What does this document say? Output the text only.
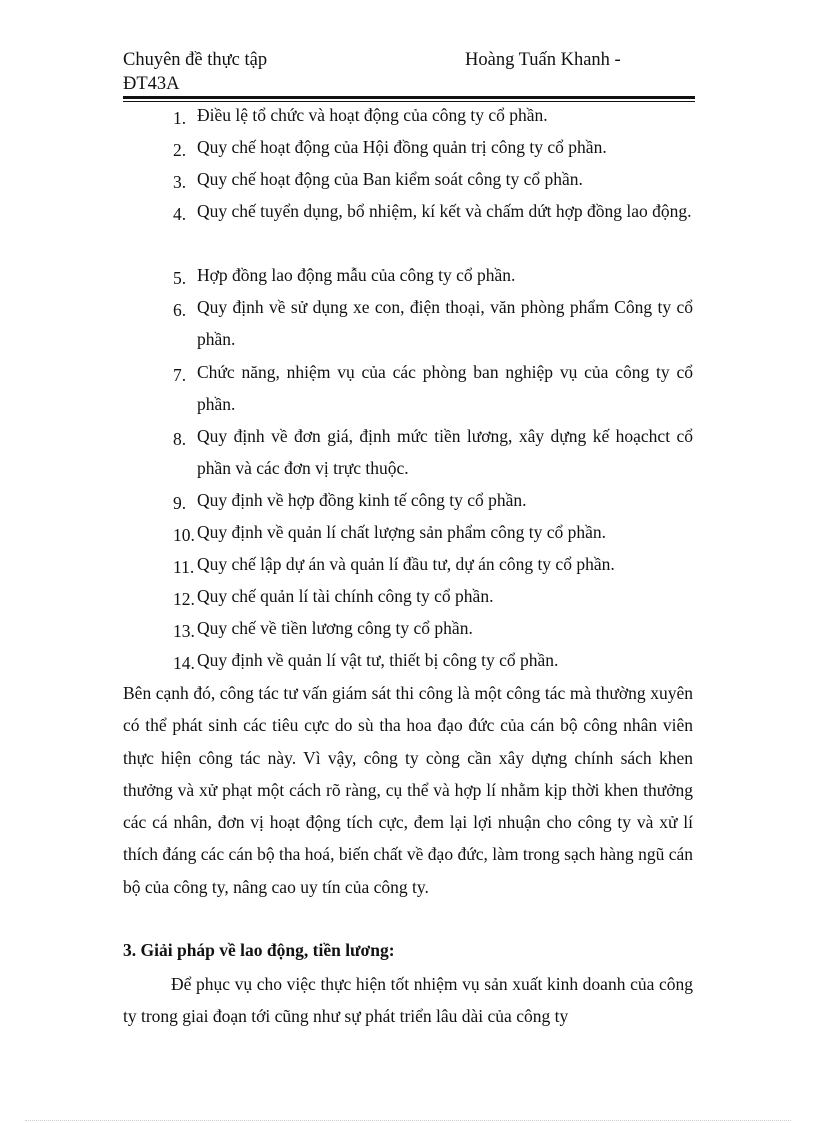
Chuyên đề thực tập	Hoàng Tuấn Khanh -
ĐT43A
1. Điều lệ tổ chức và hoạt động của công ty cổ phần.
2. Quy chế hoạt động của Hội đồng quản trị công ty cổ phần.
3. Quy chế hoạt động của Ban kiểm soát công ty cổ phần.
4. Quy chế tuyển dụng, bổ nhiệm, kí kết và chấm dứt hợp đồng lao động.
5. Hợp đồng lao động mẫu của công ty cổ phần.
6. Quy định về sử dụng xe con, điện thoại, văn phòng phẩm Công ty cổ phần.
7. Chức năng, nhiệm vụ của các phòng ban nghiệp vụ của công ty cổ phần.
8. Quy định về đơn giá, định mức tiền lương, xây dựng kế hoạchct cổ phần và các đơn vị trực thuộc.
9. Quy định về hợp đồng kinh tế công ty cổ phần.
10. Quy định về quản lí chất lượng sản phẩm công ty cổ phần.
11. Quy chế lập dự án và quản lí đầu tư, dự án công ty cổ phần.
12. Quy chế quản lí tài chính công ty cổ phần.
13. Quy chế về tiền lương công ty cổ phần.
14. Quy định về quản lí vật tư, thiết bị công ty cổ phần.
Bên cạnh đó, công tác tư vấn giám sát thi công là một công tác mà thường xuyên có thể phát sinh các tiêu cực do sù tha hoa đạo đức của cán bộ công nhân viên thực hiện công tác này. Vì vậy, công ty còng cần xây dựng chính sách khen thưởng và xử phạt một cách rõ ràng, cụ thể và hợp lí nhằm kịp thời khen thưởng các cá nhân, đơn vị hoạt động tích cực, đem lại lợi nhuận cho công ty và xử lí thích đáng các cán bộ tha hoá, biến chất về đạo đức, làm trong sạch hàng ngũ cán bộ của công ty, nâng cao uy tín của công ty.
3. Giải pháp về lao động, tiền lương:
Để phục vụ cho việc thực hiện tốt nhiệm vụ sản xuất kinh doanh của công ty trong giai đoạn tới cũng như sự phát triển lâu dài của công ty
